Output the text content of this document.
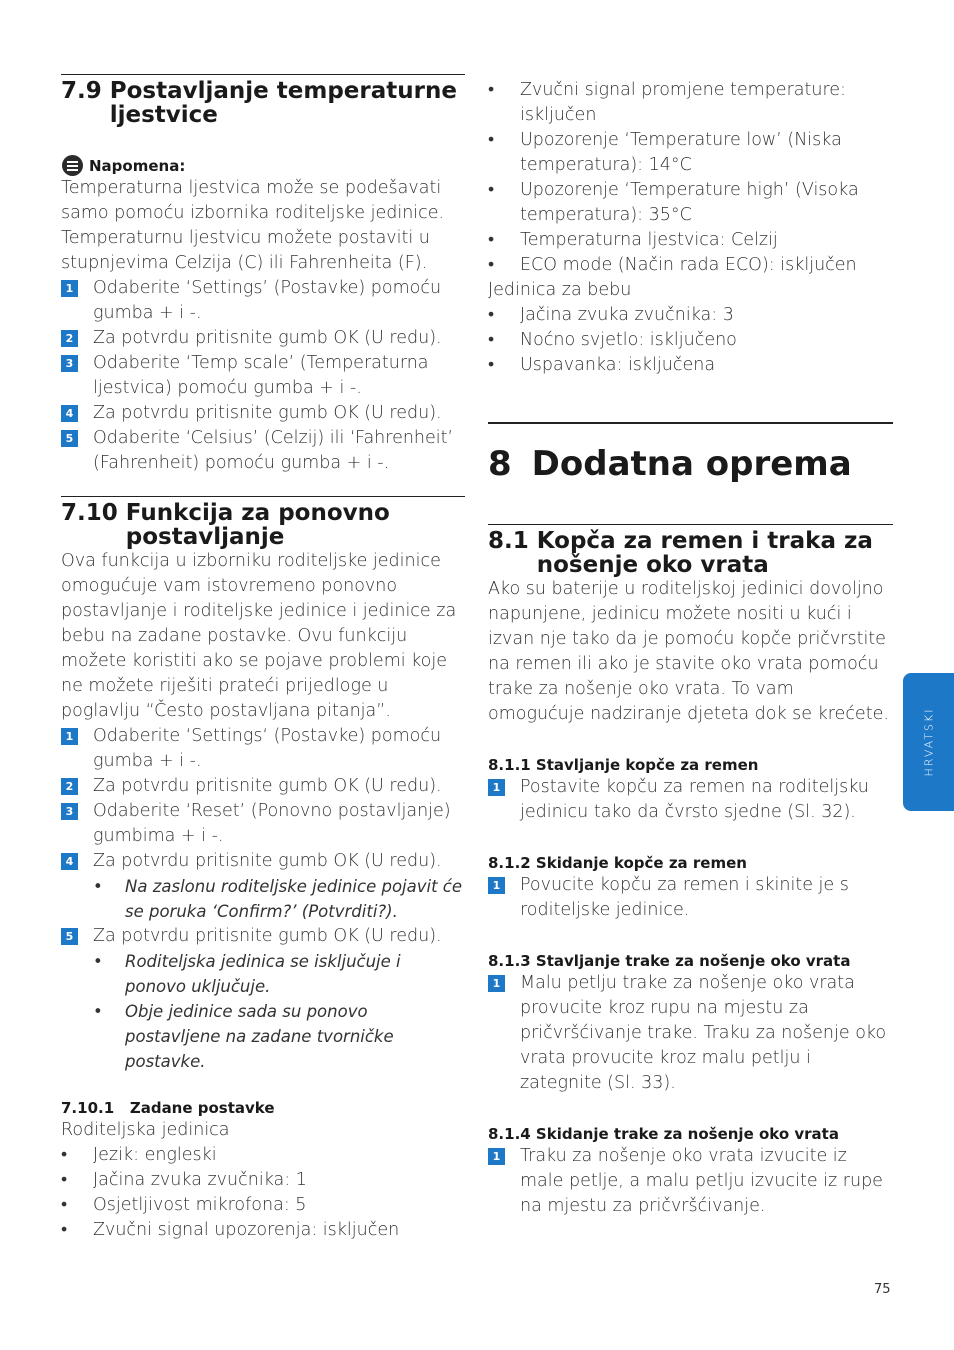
7.9 Postavljanje temperaturne ljestvice
Napomena:

Temperaturna ljestvica može se podešavati samo pomoću izbornika roditeljske jedinice.

Temperaturnu ljestvicu možete postaviti u stupnjevima Celzija (C) ili Fahrenheita (F).

1 Odaberite ‘Settings’ (Postavke) pomoću gumba + i -.
2 Za potvrdu pritisnite gumb OK (U redu).
3 Odaberite ‘Temp scale’ (Temperaturna ljestvica) pomoću gumba + i -.
4 Za potvrdu pritisnite gumb OK (U redu).
5 Odaberite ‘Celsius’ (Celzij) ili ‘Fahrenheit’ (Fahrenheit) pomoću gumba + i -.
7.10 Funkcija za ponovno postavljanje

Ova funkcija u izborniku roditeljske jedinice omogućuje vam istovremeno ponovno postavljanje i roditeljske jedinice i jedinice za bebu na zadane postavke. Ovu funkciju možete koristiti ako se pojave problemi koje ne možete riješiti prateći prijedloge u poglavlju “Često postavljana pitanja”.

1 Odaberite ‘Settings‘ (Postavke) pomoću gumba + i -.
2 Za potvrdu pritisnite gumb OK (U redu).
3 Odaberite ‘Reset’ (Ponovno postavljanje) gumbima + i -.
4 Za potvrdu pritisnite gumb OK (U redu).
•	Na zaslonu roditeljske jedinice pojavit će se poruka ‘Confirm?’ (Potvrditi?).
5 Za potvrdu pritisnite gumb OK (U redu).
•	Roditeljska jedinica se isključuje i ponovo uključuje.
•	Obje jedinice sada su ponovo postavljene na zadane tvorničke postavke.
7.10.1 Zadane postavke

Roditeljska jedinica

•	Jezik: engleski
•	Jačina zvuka zvučnika: 1
•	Osjetljivost mikrofona: 5
•	Zvučni signal upozorenja: isključen
•	Zvučni signal promjene temperature: isključen
•	Upozorenje ‘Temperature low’ (Niska temperatura): 14°C
•	Upozorenje ‘Temperature high’ (Visoka temperatura): 35°C
•	Temperaturna ljestvica: Celzij
•	ECO mode (Način rada ECO): isključen

Jedinica za bebu

•	Jačina zvuka zvučnika: 3
•	Noćno svjetlo: isključeno
•	Uspavanka: isključena
8 Dodatna oprema
8.1 Kopča za remen i traka za nošenje oko vrata

Ako su baterije u roditeljskoj jedinici dovoljno napunjene, jedinicu možete nositi u kući i izvan nje tako da je pomoću kopče pričvrstite na remen ili ako je stavite oko vrata pomoću trake za nošenje oko vrata. To vam omogućuje nadziranje djeteta dok se krećete.

8.1.1 Stavljanje kopče za remen
1 Postavite kopču za remen na roditeljsku jedinicu tako da čvrsto sjedne (Sl. 32).
8.1.2 Skidanje kopče za remen
1 Povucite kopču za remen i skinite je s roditeljske jedinice.
8.1.3 Stavljanje trake za nošenje oko vrata
1 Malu petlju trake za nošenje oko vrata provucite kroz rupu na mjestu za pričvršćivanje trake. Traku za nošenje oko vrata provucite kroz malu petlju i zategnite (Sl. 33).
8.1.4 Skidanje trake za nošenje oko vrata
1 Traku za nošenje oko vrata izvucite iz male petlje, a malu petlju izvucite iz rupe na mjestu za pričvršćivanje.
HRVATSKI
75
